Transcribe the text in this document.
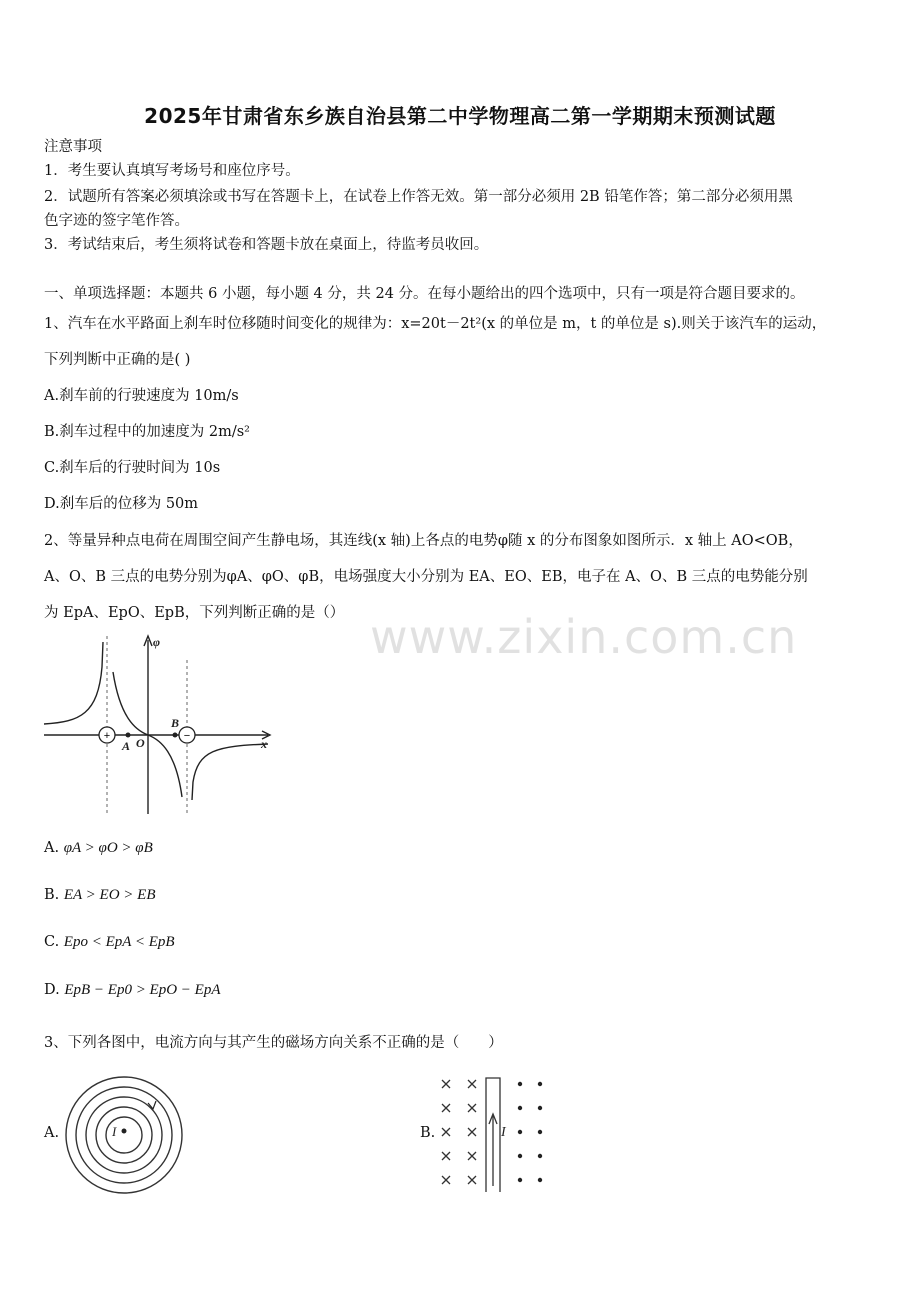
2025年甘肃省东乡族自治县第二中学物理高二第一学期期末预测试题
注意事项
1．考生要认真填写考场号和座位序号。
2．试题所有答案必须填涂或书写在答题卡上，在试卷上作答无效。第一部分必须用 2B 铅笔作答；第二部分必须用黑
色字迹的签字笔作答。
3．考试结束后，考生须将试卷和答题卡放在桌面上，待监考员收回。
一、单项选择题：本题共 6 小题，每小题 4 分，共 24 分。在每小题给出的四个选项中，只有一项是符合题目要求的。
1、汽车在水平路面上刹车时位移随时间变化的规律为：x=20t－2t²(x 的单位是 m，t 的单位是 s).则关于该汽车的运动，
下列判断中正确的是( )
A.刹车前的行驶速度为 10m/s
B.刹车过程中的加速度为 2m/s²
C.刹车后的行驶时间为 10s
D.刹车后的位移为 50m
2、等量异种点电荷在周围空间产生静电场，其连线(x 轴)上各点的电势φ随 x 的分布图象如图所示．x 轴上 AO<OB，
A、O、B 三点的电势分别为φA、φO、φB，电场强度大小分别为 EA、EO、EB，电子在 A、O、B 三点的电势能分别
为 EpA、EpO、EpB，下列判断正确的是（） www.zixin.com.cn
+	−
A O
B
x
φ
A. φA > φO > φB
B. EA > EO > EB
C. Epo < EpA < EpB
D. EpB − Ep0 > EpO − EpA
3、下列各图中，电流方向与其产生的磁场方向关系不正确的是（　　）
A.	I	B.	I
